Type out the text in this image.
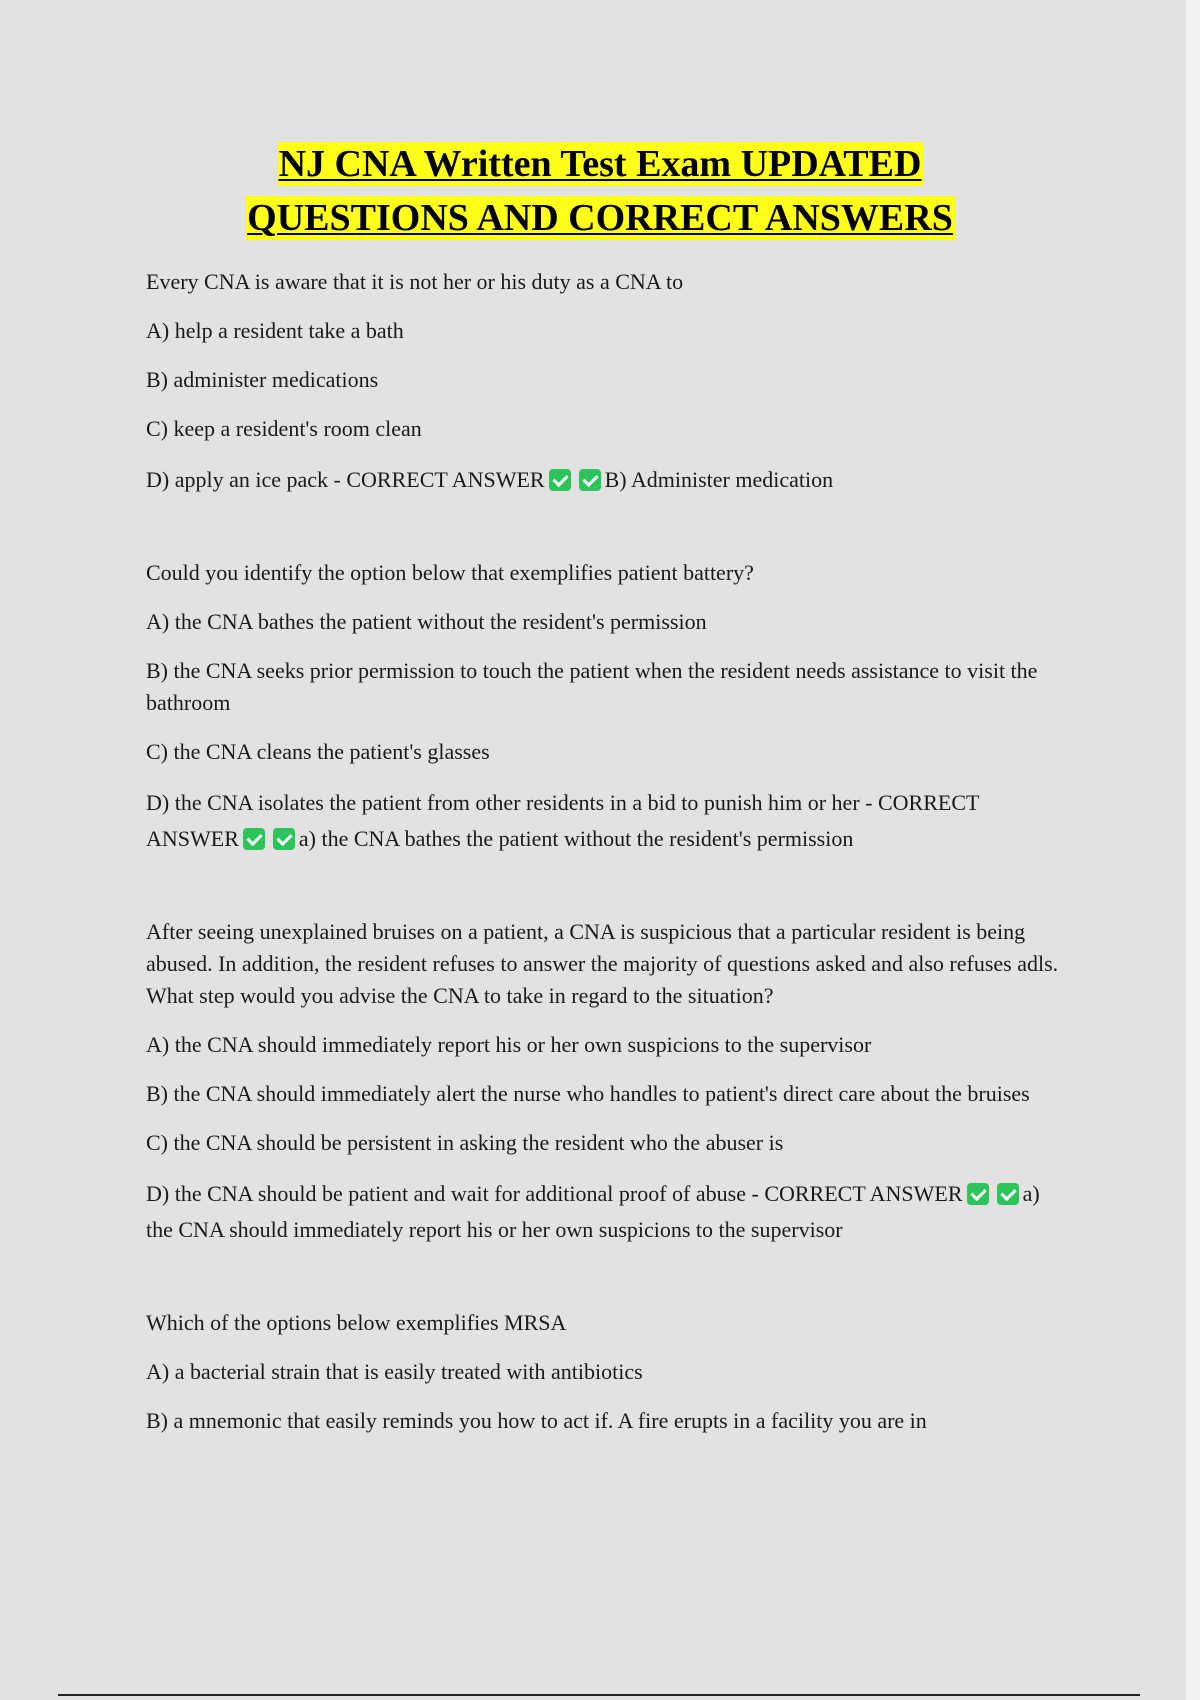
NJ CNA Written Test Exam UPDATED
QUESTIONS AND CORRECT ANSWERS

Every CNA is aware that it is not her or his duty as a CNA to

A) help a resident take a bath

B) administer medications

C) keep a resident's room clean

D) apply an ice pack - CORRECT ANSWER	B) Administer medication

Could you identify the option below that exemplifies patient battery?

A) the CNA bathes the patient without the resident's permission

B) the CNA seeks prior permission to touch the patient when the resident needs assistance to visit the bathroom

C) the CNA cleans the patient's glasses

D) the CNA isolates the patient from other residents in a bid to punish him or her - CORRECT ANSWER	a) the CNA bathes the patient without the resident's permission

After seeing unexplained bruises on a patient, a CNA is suspicious that a particular resident is being abused. In addition, the resident refuses to answer the majority of questions asked and also refuses adls. What step would you advise the CNA to take in regard to the situation?

A) the CNA should immediately report his or her own suspicions to the supervisor

B) the CNA should immediately alert the nurse who handles to patient's direct care about the bruises

C) the CNA should be persistent in asking the resident who the abuser is

D) the CNA should be patient and wait for additional proof of abuse - CORRECT ANSWER	a) the CNA should immediately report his or her own suspicions to the supervisor

Which of the options below exemplifies MRSA

A) a bacterial strain that is easily treated with antibiotics

B) a mnemonic that easily reminds you how to act if. A fire erupts in a facility you are in
